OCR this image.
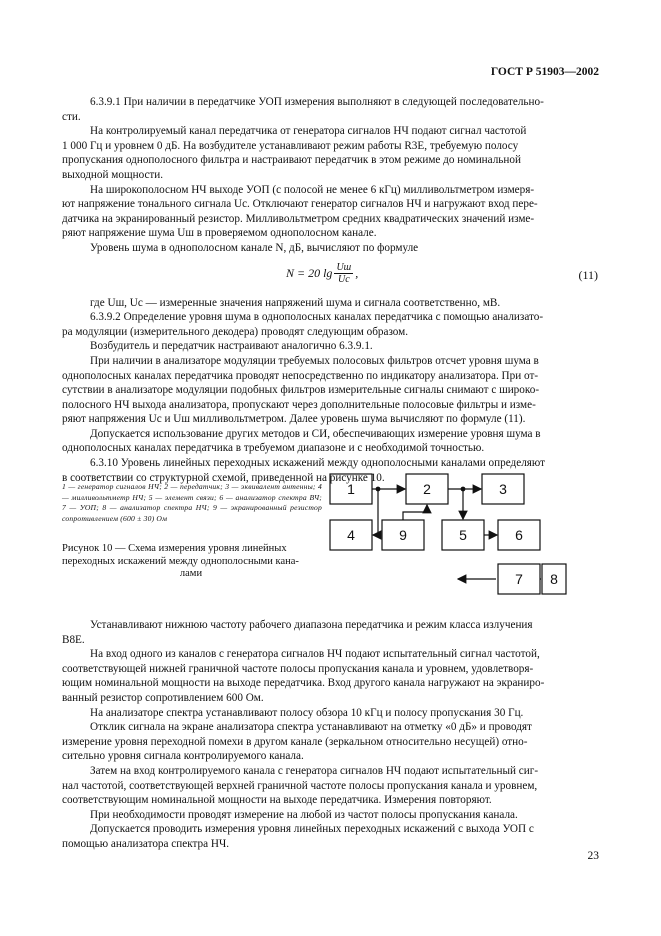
ГОСТ Р 51903—2002

6.3.9.1 При наличии в передатчике УОП измерения выполняют в следующей последовательно-

сти.

На контролируемый канал передатчика от генератора сигналов НЧ подают сигнал частотой

1 000 Гц и уровнем 0 дБ. На возбудителе устанавливают режим работы R3E, требуемую полосу

пропускания однополосного фильтра и настраивают передатчик в этом режиме до номинальной

выходной мощности.

На широкополосном НЧ выходе УОП (с полосой не менее 6 кГц) милливольтметром измеря-

ют напряжение тонального сигнала Uс. Отключают генератор сигналов НЧ и нагружают вход пере-

датчика на экранированный резистор. Милливольтметром средних квадратических значений изме-

ряют напряжение шума Uш в проверяемом однополосном канале.

Уровень шума в однополосном канале N, дБ, вычисляют по формуле

N = 20 $\lg \frac{Uш}{Uс}$ ,	(11)

где Uш, Uс — измеренные значения напряжений шума и сигнала соответственно, мВ.

6.3.9.2 Определение уровня шума в однополосных каналах передатчика с помощью анализато-

ра модуляции (измерительного декодера) проводят следующим образом.

Возбудитель и передатчик настраивают аналогично 6.3.9.1.

При наличии в анализаторе модуляции требуемых полосовых фильтров отсчет уровня шума в

однополосных каналах передатчика проводят непосредственно по индикатору анализатора. При от-

сутствии в анализаторе модуляции подобных фильтров измерительные сигналы снимают с широко-

полосного НЧ выхода анализатора, пропускают через дополнительные полосовые фильтры и изме-

ряют напряжения Uс и Uш милливольтметром. Далее уровень шума вычисляют по формуле (11).

Допускается использование других методов и СИ, обеспечивающих измерение уровня шума в

однополосных каналах передатчика в требуемом диапазоне и с необходимой точностью.

6.3.10 Уровень линейных переходных искажений между однополосными каналами определяют

в соответствии со структурной схемой, приведенной на рисунке 10.

1 — генератор сигналов НЧ; 2 — передатчик; 3 — эквивалент антенны; 4 — милливольтметр НЧ; 5 — элемент связи; 6 — анализатор спектра ВЧ; 7 — УОП; 8 — анализатор спектра НЧ; 9 — экранированный резистор сопротивлением (600 ± 30) Ом
Рисунок 10 — Схема измерения уровня линейных
переходных искажений между однополосными кана-

лами
1	2	3
4	9	5	6
7 8

Устанавливают нижнюю частоту рабочего диапазона передатчика и режим класса излучения

B8E.

На вход одного из каналов с генератора сигналов НЧ подают испытательный сигнал частотой,

соответствующей нижней граничной частоте полосы пропускания канала и уровнем, удовлетворя-

ющим номинальной мощности на выходе передатчика. Вход другого канала нагружают на экраниро-

ванный резистор сопротивлением 600 Ом.

На анализаторе спектра устанавливают полосу обзора 10 кГц и полосу пропускания 30 Гц.

Отклик сигнала на экране анализатора спектра устанавливают на отметку «0 дБ» и проводят

измерение уровня переходной помехи в другом канале (зеркальном относительно несущей) отно-

сительно уровня сигнала контролируемого канала.

Затем на вход контролируемого канала с генератора сигналов НЧ подают испытательный сиг-

нал частотой, соответствующей верхней граничной частоте полосы пропускания канала и уровнем,

соответствующим номинальной мощности на выходе передатчика. Измерения повторяют.

При необходимости проводят измерение на любой из частот полосы пропускания канала.

Допускается проводить измерения уровня линейных переходных искажений с выхода УОП с

помощью анализатора спектра НЧ.

23
